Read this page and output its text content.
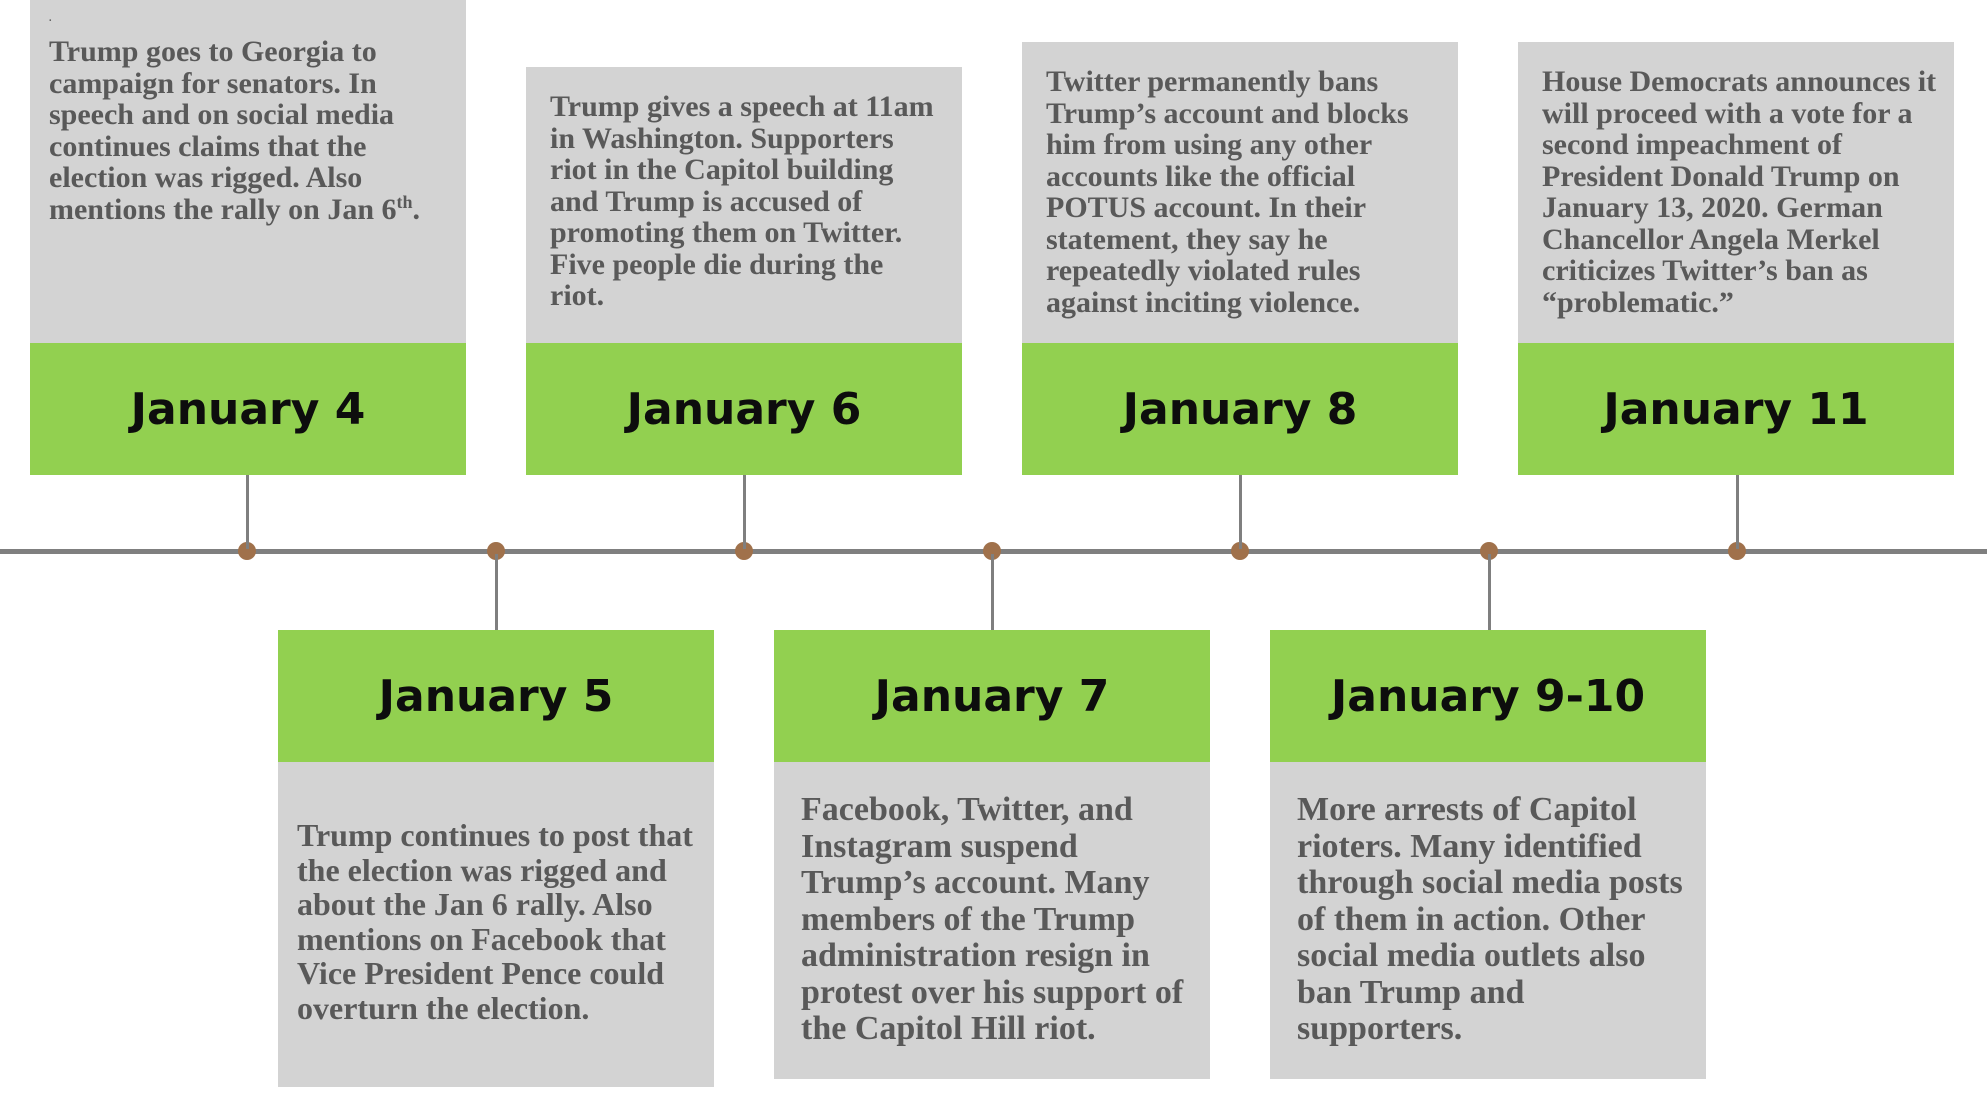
.
Trump goes to Georgia to campaign for senators. In speech and on social media continues claims that the election was rigged. Also mentions the rally on Jan 6th.
January 4
Trump gives a speech at 11am in Washington. Supporters riot in the Capitol building and Trump is accused of promoting them on Twitter. Five people die during the riot.
January 6
Twitter permanently bans Trump’s account and blocks him from using any other accounts like the official POTUS account. In their statement, they say he repeatedly violated rules against inciting violence.
January 8
House Democrats announces it will proceed with a vote for a second impeachment of President Donald Trump on January 13, 2020. German Chancellor Angela Merkel criticizes Twitter’s ban as “problematic.”
January 11
January 5
Trump continues to post that the election was rigged and about the Jan 6 rally. Also mentions on Facebook that Vice President Pence could overturn the election.
January 7
Facebook, Twitter, and Instagram suspend Trump’s account. Many members of the Trump administration resign in protest over his support of the Capitol Hill riot.
January 9-10
More arrests of Capitol rioters. Many identified through social media posts of them in action. Other social media outlets also ban Trump and supporters.
